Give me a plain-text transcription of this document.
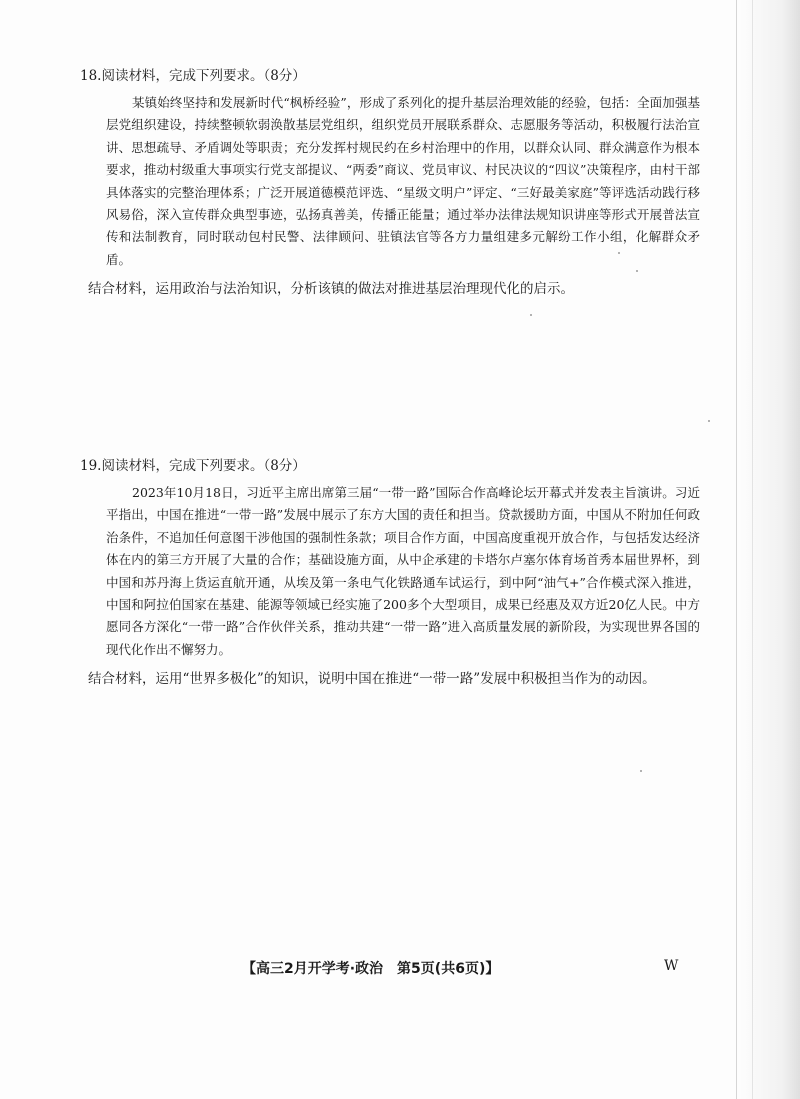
18.阅读材料，完成下列要求。（8分）
某镇始终坚持和发展新时代“枫桥经验”，形成了系列化的提升基层治理效能的经验，包括：全面加强基层党组织建设，持续整顿软弱涣散基层党组织，组织党员开展联系群众、志愿服务等活动，积极履行法治宣讲、思想疏导、矛盾调处等职责；充分发挥村规民约在乡村治理中的作用，以群众认同、群众满意作为根本要求，推动村级重大事项实行党支部提议、“两委”商议、党员审议、村民决议的“四议”决策程序，由村干部具体落实的完整治理体系；广泛开展道德模范评选、“星级文明户”评定、“三好最美家庭”等评选活动践行移风易俗，深入宣传群众典型事迹，弘扬真善美，传播正能量；通过举办法律法规知识讲座等形式开展普法宣传和法制教育，同时联动包村民警、法律顾问、驻镇法官等各方力量组建多元解纷工作小组，化解群众矛盾。
结合材料，运用政治与法治知识，分析该镇的做法对推进基层治理现代化的启示。
19.阅读材料，完成下列要求。（8分）
2023年10月18日，习近平主席出席第三届“一带一路”国际合作高峰论坛开幕式并发表主旨演讲。习近平指出，中国在推进“一带一路”发展中展示了东方大国的责任和担当。贷款援助方面，中国从不附加任何政治条件，不追加任何意图干涉他国的强制性条款；项目合作方面，中国高度重视开放合作，与包括发达经济体在内的第三方开展了大量的合作；基础设施方面，从中企承建的卡塔尔卢塞尔体育场首秀本届世界杯，到中国和苏丹海上货运直航开通，从埃及第一条电气化铁路通车试运行，到中阿“油气+”合作模式深入推进，中国和阿拉伯国家在基建、能源等领域已经实施了200多个大型项目，成果已经惠及双方近20亿人民。中方愿同各方深化“一带一路”合作伙伴关系，推动共建“一带一路”进入高质量发展的新阶段，为实现世界各国的现代化作出不懈努力。
结合材料，运用“世界多极化”的知识，说明中国在推进“一带一路”发展中积极担当作为的动因。
【高三2月开学考·政治　第5页(共6页)】	W
